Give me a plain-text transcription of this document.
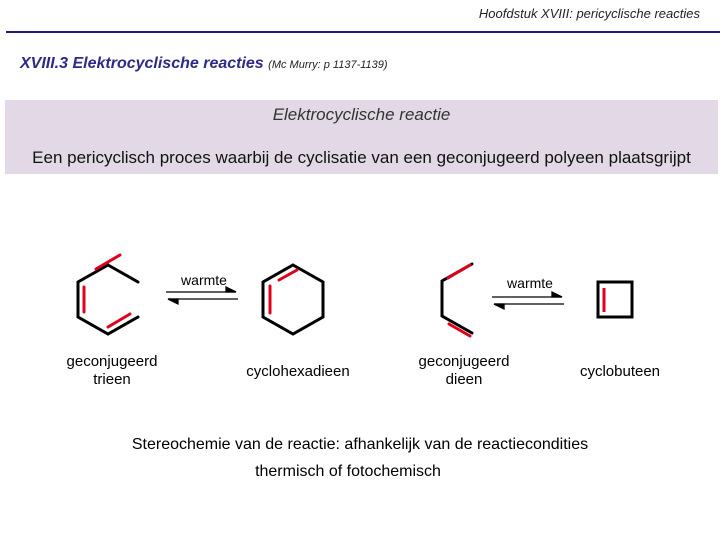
Hoofdstuk XVIII: pericyclische reacties
XVIII.3 Elektrocyclische reacties (Mc Murry: p 1137-1139)
Elektrocyclische reactie
Een pericyclisch proces waarbij de cyclisatie van een geconjugeerd polyeen plaatsgrijpt
warmte	warmte
geconjugeerd
trieen	cyclohexadieen
geconjugeerd
dieen	cyclobuteen
Stereochemie van de reactie: afhankelijk van de reactiecondities
thermisch of fotochemisch
